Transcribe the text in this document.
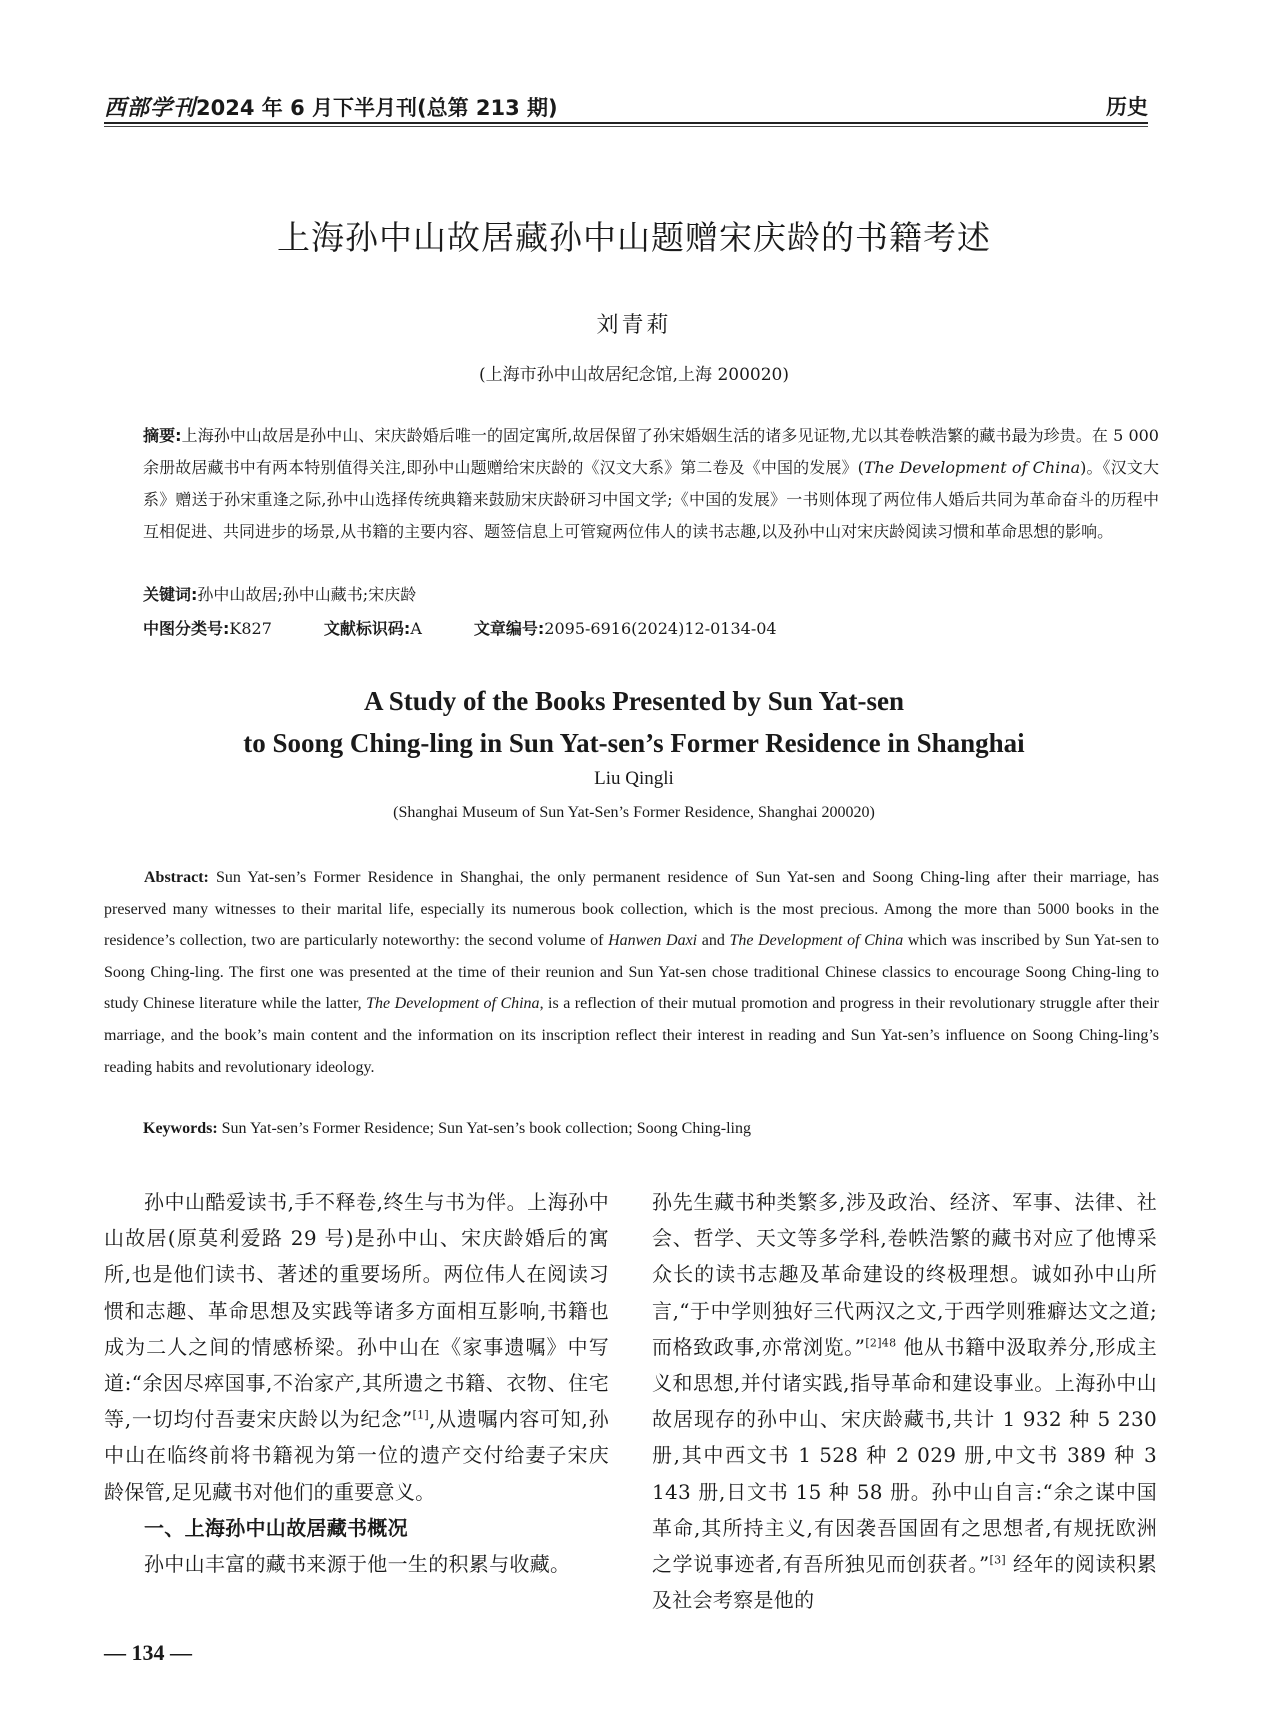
西部学刊2024 年 6 月下半月刊(总第 213 期)	历史
上海孙中山故居藏孙中山题赠宋庆龄的书籍考述
刘青莉
(上海市孙中山故居纪念馆,上海 200020)
摘要:上海孙中山故居是孙中山、宋庆龄婚后唯一的固定寓所,故居保留了孙宋婚姻生活的诸多见证物,尤以其卷帙浩繁的藏书最为珍贵。在 5 000 余册故居藏书中有两本特别值得关注,即孙中山题赠给宋庆龄的《汉文大系》第二卷及《中国的发展》(The Development of China)。《汉文大系》赠送于孙宋重逢之际,孙中山选择传统典籍来鼓励宋庆龄研习中国文学;《中国的发展》一书则体现了两位伟人婚后共同为革命奋斗的历程中互相促进、共同进步的场景,从书籍的主要内容、题签信息上可管窥两位伟人的读书志趣,以及孙中山对宋庆龄阅读习惯和革命思想的影响。
关键词:孙中山故居;孙中山藏书;宋庆龄
中图分类号:K827	文献标识码:A	文章编号:2095-6916(2024)12-0134-04
A Study of the Books Presented by Sun Yat-sen
to Soong Ching-ling in Sun Yat-sen’s Former Residence in Shanghai
Liu Qingli
(Shanghai Museum of Sun Yat-Sen’s Former Residence, Shanghai 200020)
Abstract: Sun Yat-sen’s Former Residence in Shanghai, the only permanent residence of Sun Yat-sen and Soong Ching-ling after their marriage, has preserved many witnesses to their marital life, especially its numerous book collection, which is the most precious. Among the more than 5000 books in the residence’s collection, two are particularly noteworthy: the second volume of Hanwen Daxi and The Development of China which was inscribed by Sun Yat-sen to Soong Ching-ling. The first one was presented at the time of their reunion and Sun Yat-sen chose traditional Chinese classics to encourage Soong Ching-ling to study Chinese literature while the latter, The Development of China, is a reflection of their mutual promotion and progress in their revolutionary struggle after their marriage, and the book’s main content and the information on its inscription reflect their interest in reading and Sun Yat-sen’s influence on Soong Ching-ling’s reading habits and revolutionary ideology.
Keywords: Sun Yat-sen’s Former Residence; Sun Yat-sen’s book collection; Soong Ching-ling
孙中山酷爱读书,手不释卷,终生与书为伴。上海孙中山故居(原莫利爱路 29 号)是孙中山、宋庆龄婚后的寓所,也是他们读书、著述的重要场所。两位伟人在阅读习惯和志趣、革命思想及实践等诸多方面相互影响,书籍也成为二人之间的情感桥梁。孙中山在《家事遗嘱》中写道:“余因尽瘁国事,不治家产,其所遗之书籍、衣物、住宅等,一切均付吾妻宋庆龄以为纪念”[1],从遗嘱内容可知,孙中山在临终前将书籍视为第一位的遗产交付给妻子宋庆龄保管,足见藏书对他们的重要意义。
一、上海孙中山故居藏书概况
孙中山丰富的藏书来源于他一生的积累与收藏。
孙先生藏书种类繁多,涉及政治、经济、军事、法律、社会、哲学、天文等多学科,卷帙浩繁的藏书对应了他博采众长的读书志趣及革命建设的终极理想。诚如孙中山所言,“于中学则独好三代两汉之文,于西学则雅癖达文之道;而格致政事,亦常浏览。”$^{[2]48}$ 他从书籍中汲取养分,形成主义和思想,并付诸实践,指导革命和建设事业。上海孙中山故居现存的孙中山、宋庆龄藏书,共计 1 932 种 5 230 册,其中西文书 1 528 种 2 029 册,中文书 389 种 3 143 册,日文书 15 种 58 册。孙中山自言:“余之谋中国革命,其所持主义,有因袭吾国固有之思想者,有规抚欧洲之学说事迹者,有吾所独见而创获者。”[3] 经年的阅读积累及社会考察是他的
— 134 —
